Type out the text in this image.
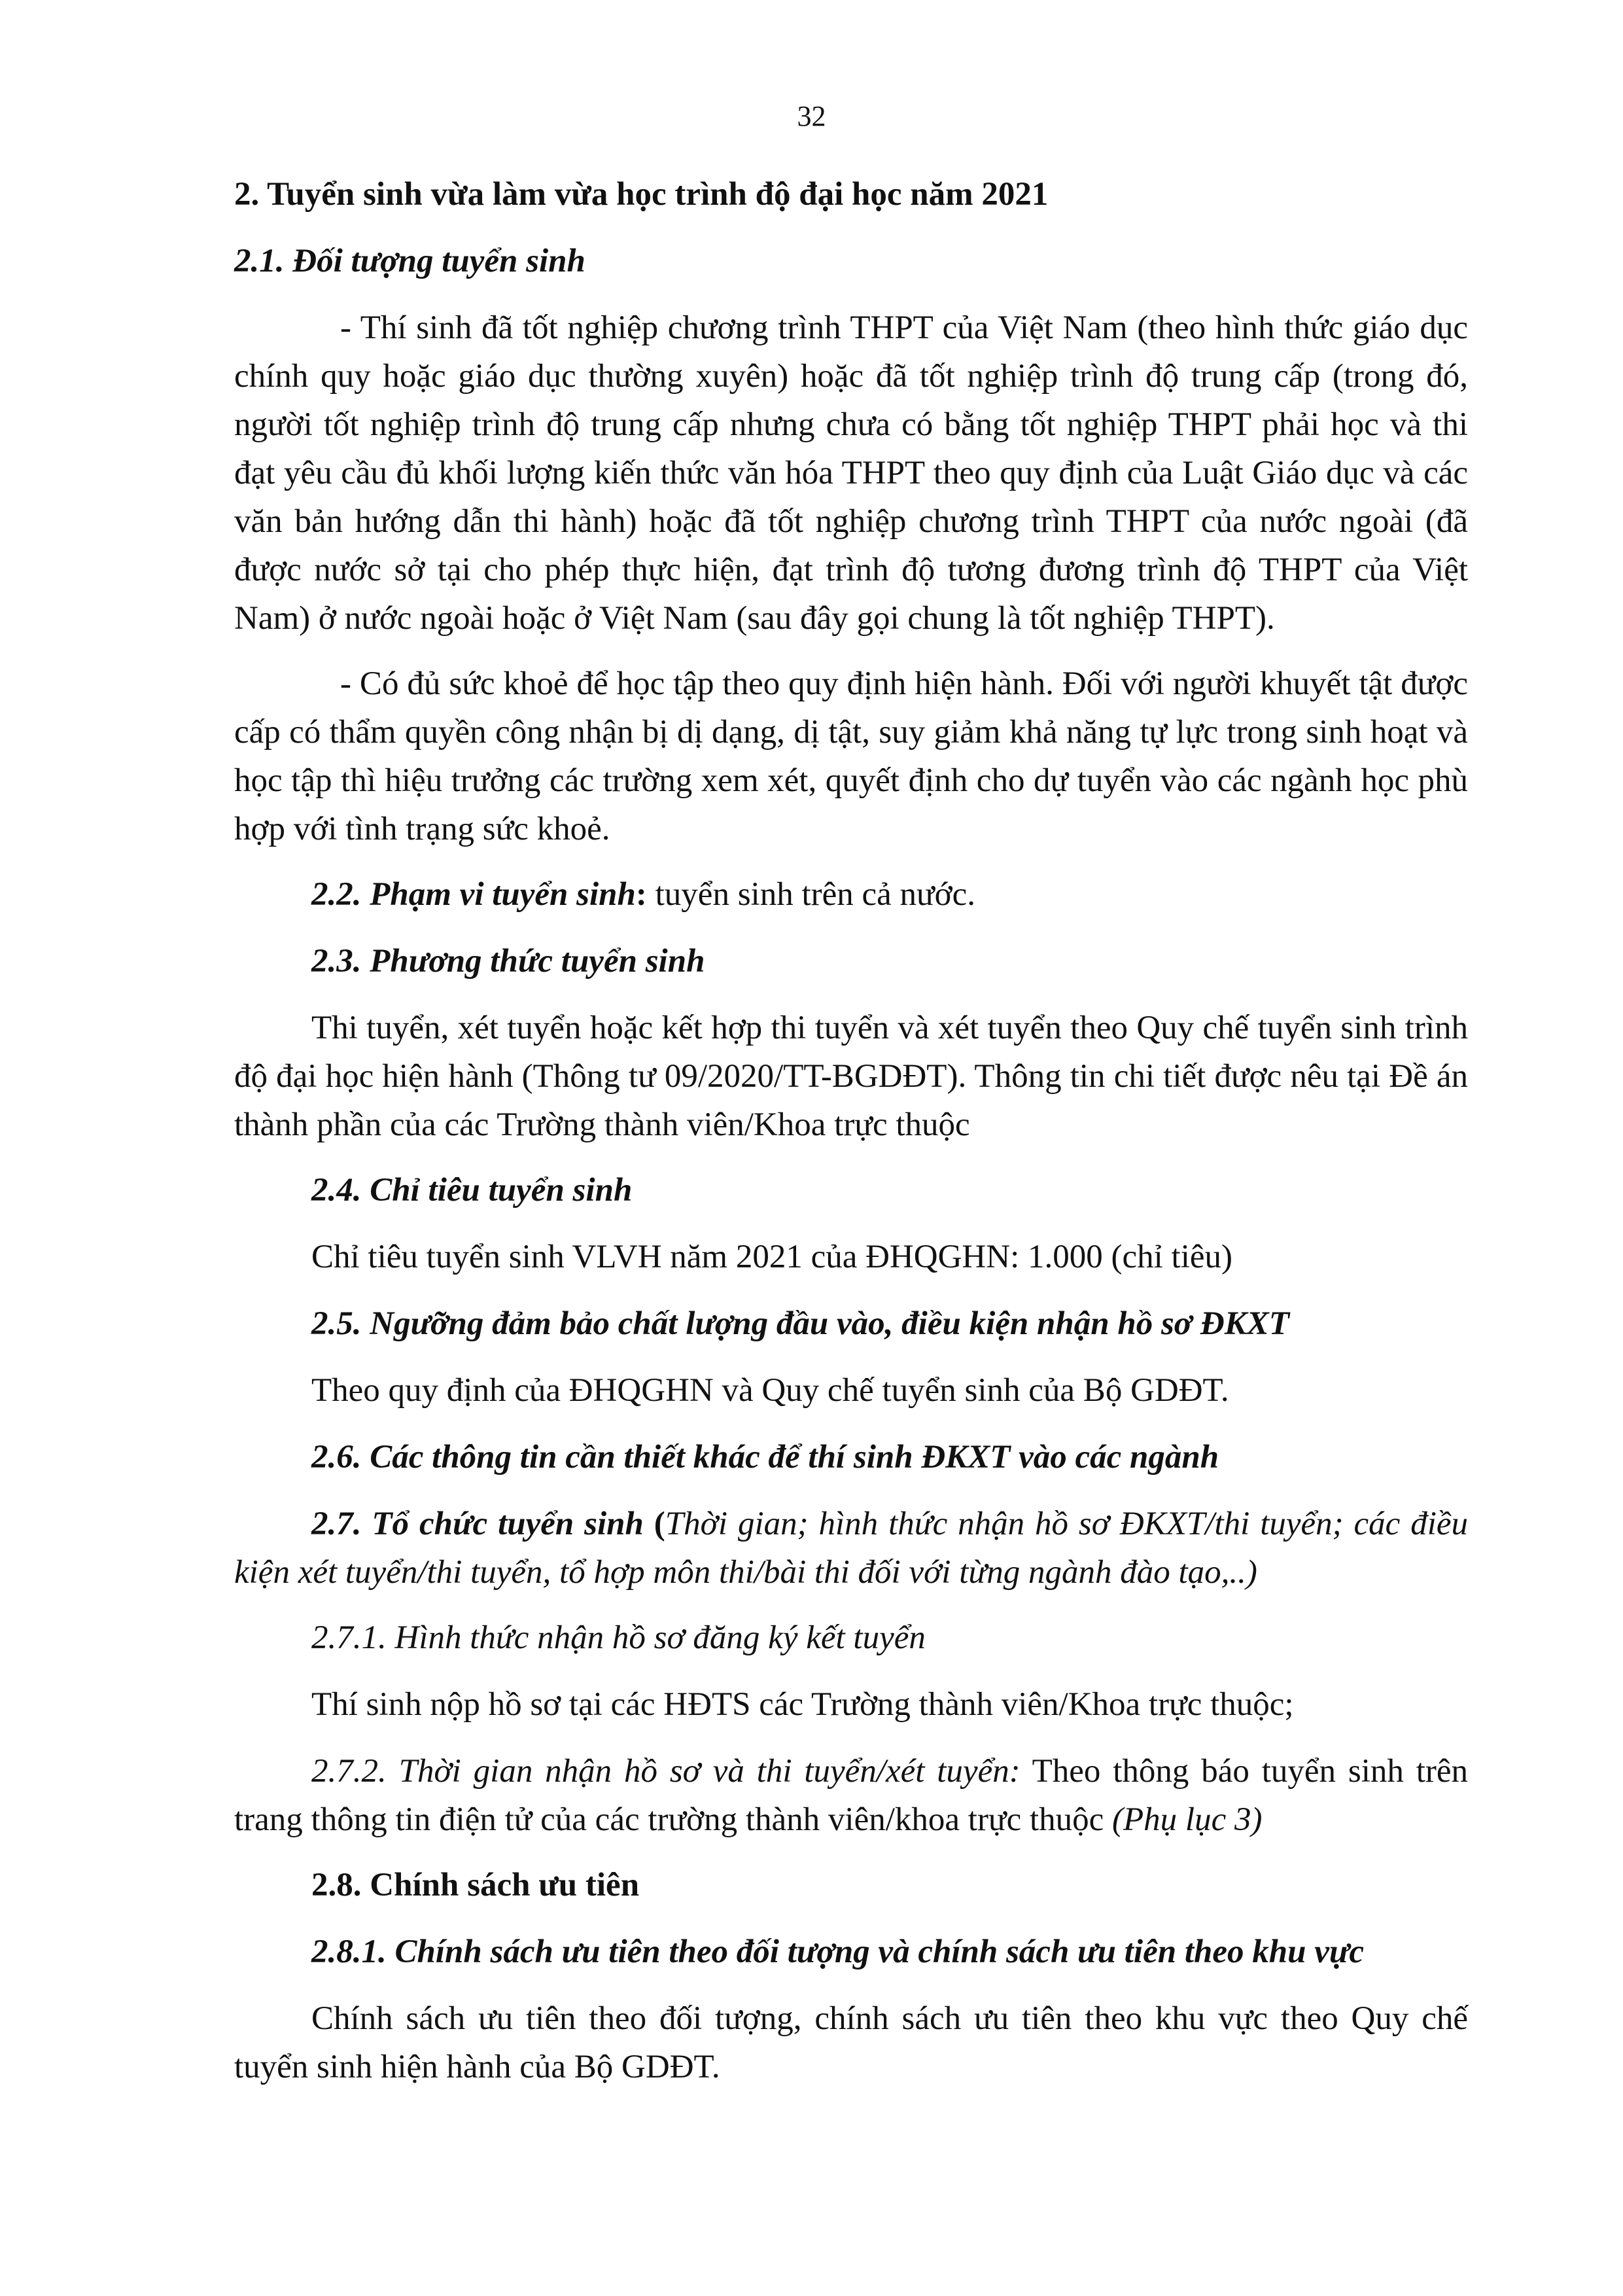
32
2. Tuyển sinh vừa làm vừa học trình độ đại học năm 2021
2.1. Đối tượng tuyển sinh

- Thí sinh đã tốt nghiệp chương trình THPT của Việt Nam (theo hình thức giáo dục chính quy hoặc giáo dục thường xuyên) hoặc đã tốt nghiệp trình độ trung cấp (trong đó, người tốt nghiệp trình độ trung cấp nhưng chưa có bằng tốt nghiệp THPT phải học và thi đạt yêu cầu đủ khối lượng kiến thức văn hóa THPT theo quy định của Luật Giáo dục và các văn bản hướng dẫn thi hành) hoặc đã tốt nghiệp chương trình THPT của nước ngoài (đã được nước sở tại cho phép thực hiện, đạt trình độ tương đương trình độ THPT của Việt Nam) ở nước ngoài hoặc ở Việt Nam (sau đây gọi chung là tốt nghiệp THPT).

- Có đủ sức khoẻ để học tập theo quy định hiện hành. Đối với người khuyết tật được cấp có thẩm quyền công nhận bị dị dạng, dị tật, suy giảm khả năng tự lực trong sinh hoạt và học tập thì hiệu trưởng các trường xem xét, quyết định cho dự tuyển vào các ngành học phù hợp với tình trạng sức khoẻ.

2.2. Phạm vi tuyển sinh: tuyển sinh trên cả nước.
2.3. Phương thức tuyển sinh

Thi tuyển, xét tuyển hoặc kết hợp thi tuyển và xét tuyển theo Quy chế tuyển sinh trình độ đại học hiện hành (Thông tư 09/2020/TT-BGDĐT). Thông tin chi tiết được nêu tại Đề án thành phần của các Trường thành viên/Khoa trực thuộc

2.4. Chỉ tiêu tuyển sinh
Chỉ tiêu tuyển sinh VLVH năm 2021 của ĐHQGHN: 1.000 (chỉ tiêu)
2.5. Ngưỡng đảm bảo chất lượng đầu vào, điều kiện nhận hồ sơ ĐKXT
Theo quy định của ĐHQGHN và Quy chế tuyển sinh của Bộ GDĐT.
2.6. Các thông tin cần thiết khác để thí sinh ĐKXT vào các ngành

2.7. Tổ chức tuyển sinh (Thời gian; hình thức nhận hồ sơ ĐKXT/thi tuyển; các điều kiện xét tuyển/thi tuyển, tổ hợp môn thi/bài thi đối với từng ngành đào tạo,..)

2.7.1. Hình thức nhận hồ sơ đăng ký kết tuyển
Thí sinh nộp hồ sơ tại các HĐTS các Trường thành viên/Khoa trực thuộc;

2.7.2. Thời gian nhận hồ sơ và thi tuyển/xét tuyển: Theo thông báo tuyển sinh trên trang thông tin điện tử của các trường thành viên/khoa trực thuộc (Phụ lục 3)

2.8. Chính sách ưu tiên
2.8.1. Chính sách ưu tiên theo đối tượng và chính sách ưu tiên theo khu vực

Chính sách ưu tiên theo đối tượng, chính sách ưu tiên theo khu vực theo Quy chế tuyển sinh hiện hành của Bộ GDĐT.
